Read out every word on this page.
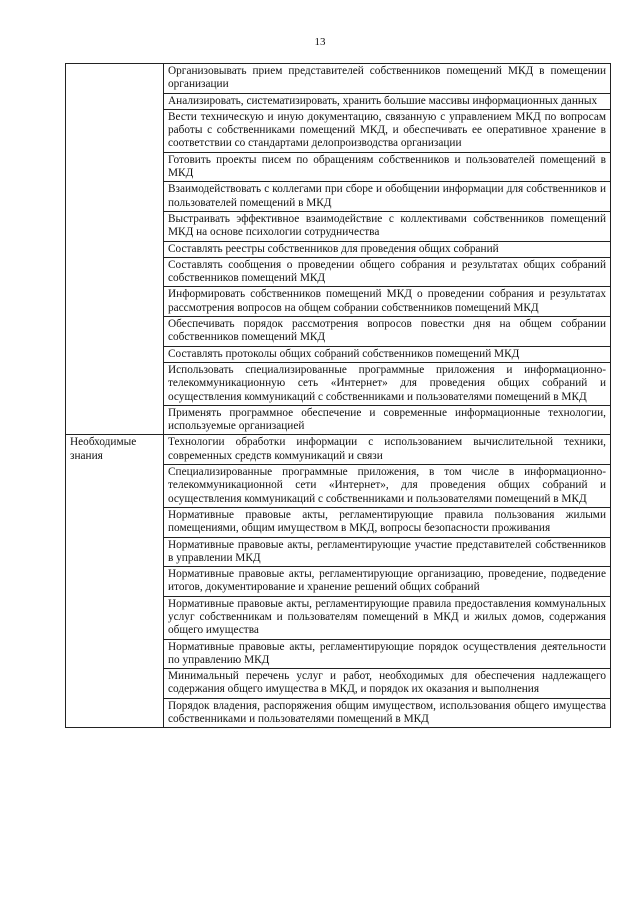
13
	Организовывать прием представителей собственников помещений МКД в помещении организации
	Анализировать, систематизировать, хранить большие массивы информационных данных
	Вести техническую и иную документацию, связанную с управлением МКД по вопросам работы с собственниками помещений МКД, и обеспечивать ее оперативное хранение в соответствии со стандартами делопроизводства организации
	Готовить проекты писем по обращениям собственников и пользователей помещений в МКД
	Взаимодействовать с коллегами при сборе и обобщении информации для собственников и пользователей помещений в МКД
	Выстраивать эффективное взаимодействие с коллективами собственников помещений МКД на основе психологии сотрудничества
	Составлять реестры собственников для проведения общих собраний
	Составлять сообщения о проведении общего собрания и результатах общих собраний собственников помещений МКД
	Информировать собственников помещений МКД о проведении собрания и результатах рассмотрения вопросов на общем собрании собственников помещений МКД
	Обеспечивать порядок рассмотрения вопросов повестки дня на общем собрании собственников помещений МКД
	Составлять протоколы общих собраний собственников помещений МКД
	Использовать специализированные программные приложения и информационно-телекоммуникационную сеть «Интернет» для проведения общих собраний и осуществления коммуникаций с собственниками и пользователями помещений в МКД
	Применять программное обеспечение и современные информационные технологии, используемые организацией
Необходимые знания	Технологии обработки информации с использованием вычислительной техники, современных средств коммуникаций и связи
	Специализированные программные приложения, в том числе в информационно-телекоммуникационной сети «Интернет», для проведения общих собраний и осуществления коммуникаций с собственниками и пользователями помещений в МКД
	Нормативные правовые акты, регламентирующие правила пользования жилыми помещениями, общим имуществом в МКД, вопросы безопасности проживания
	Нормативные правовые акты, регламентирующие участие представителей собственников в управлении МКД
	Нормативные правовые акты, регламентирующие организацию, проведение, подведение итогов, документирование и хранение решений общих собраний
	Нормативные правовые акты, регламентирующие правила предоставления коммунальных услуг собственникам и пользователям помещений в МКД и жилых домов, содержания общего имущества
	Нормативные правовые акты, регламентирующие порядок осуществления деятельности по управлению МКД
	Минимальный перечень услуг и работ, необходимых для обеспечения надлежащего содержания общего имущества в МКД, и порядок их оказания и выполнения
	Порядок владения, распоряжения общим имуществом, использования общего имущества собственниками и пользователями помещений в МКД
